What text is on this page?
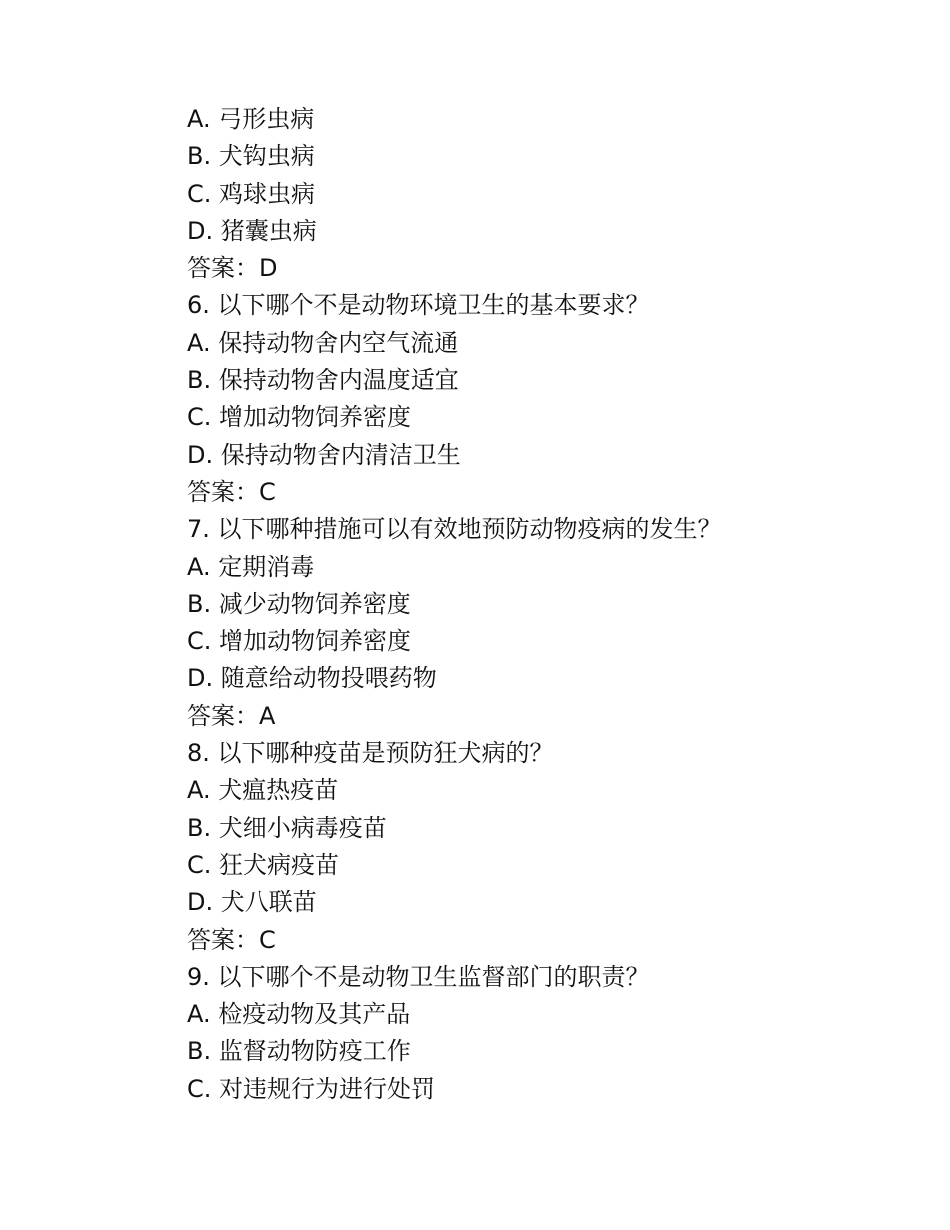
A. 弓形虫病
B. 犬钩虫病
C. 鸡球虫病
D. 猪囊虫病
答案：D
6. 以下哪个不是动物环境卫生的基本要求？
A. 保持动物舍内空气流通
B. 保持动物舍内温度适宜
C. 增加动物饲养密度
D. 保持动物舍内清洁卫生
答案：C
7. 以下哪种措施可以有效地预防动物疫病的发生？
A. 定期消毒
B. 减少动物饲养密度
C. 增加动物饲养密度
D. 随意给动物投喂药物
答案：A
8. 以下哪种疫苗是预防狂犬病的？
A. 犬瘟热疫苗
B. 犬细小病毒疫苗
C. 狂犬病疫苗
D. 犬八联苗
答案：C
9. 以下哪个不是动物卫生监督部门的职责？
A. 检疫动物及其产品
B. 监督动物防疫工作
C. 对违规行为进行处罚
